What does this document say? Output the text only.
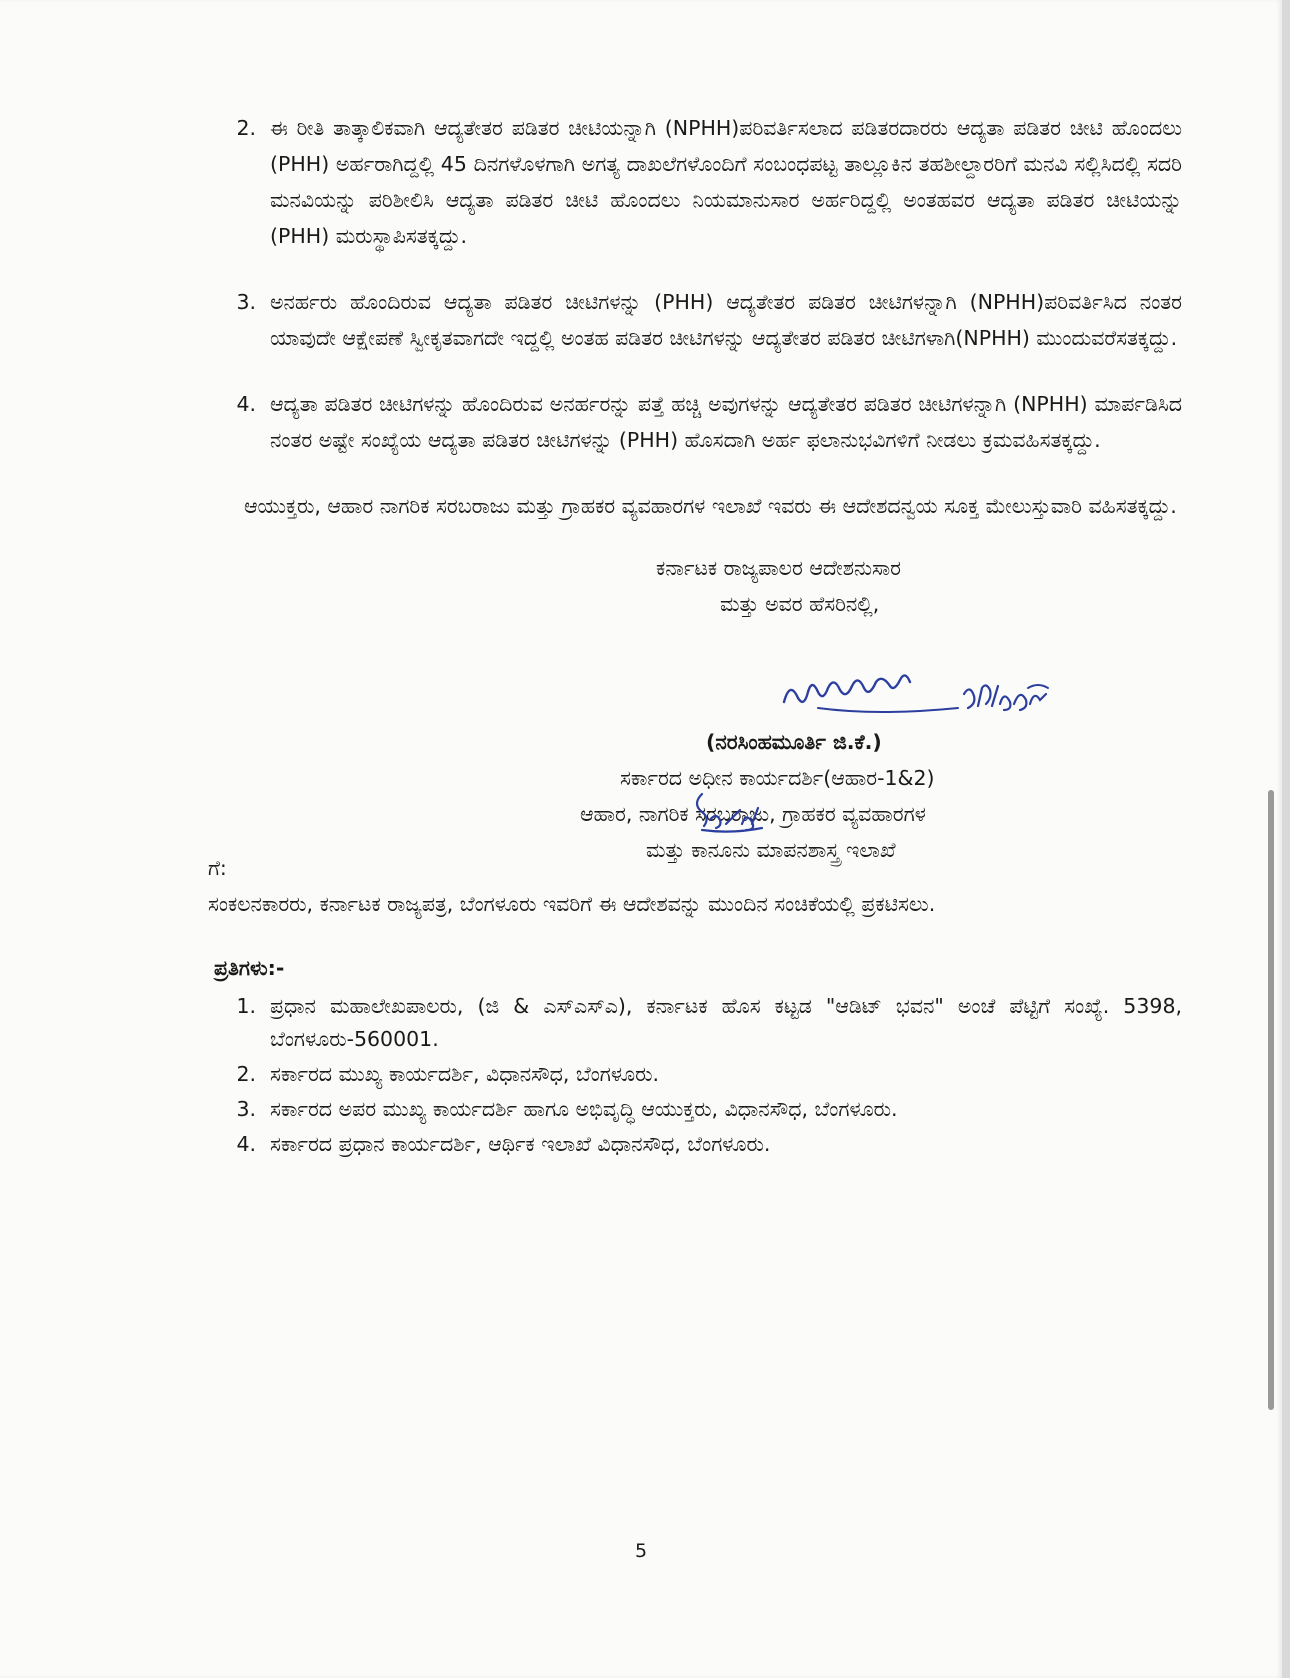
2. ಈ ರೀತಿ ತಾತ್ಕಾಲಿಕವಾಗಿ ಆದ್ಯತೇತರ ಪಡಿತರ ಚೀಟಿಯನ್ನಾಗಿ (NPHH)ಪರಿವರ್ತಿಸಲಾದ ಪಡಿತರದಾರರು ಆದ್ಯತಾ ಪಡಿತರ ಚೀಟಿ ಹೊಂದಲು (PHH) ಅರ್ಹರಾಗಿದ್ದಲ್ಲಿ 45 ದಿನಗಳೊಳಗಾಗಿ ಅಗತ್ಯ ದಾಖಲೆಗಳೊಂದಿಗೆ ಸಂಬಂಧಪಟ್ಟ ತಾಲ್ಲೂಕಿನ ತಹಶೀಲ್ದಾರರಿಗೆ ಮನವಿ ಸಲ್ಲಿಸಿದಲ್ಲಿ ಸದರಿ ಮನವಿಯನ್ನು ಪರಿಶೀಲಿಸಿ ಆದ್ಯತಾ ಪಡಿತರ ಚೀಟಿ ಹೊಂದಲು ನಿಯಮಾನುಸಾರ ಅರ್ಹರಿದ್ದಲ್ಲಿ ಅಂತಹವರ ಆದ್ಯತಾ ಪಡಿತರ ಚೀಟಿಯನ್ನು (PHH) ಮರುಸ್ಥಾಪಿಸತಕ್ಕದ್ದು.
3. ಅನರ್ಹರು ಹೊಂದಿರುವ ಆದ್ಯತಾ ಪಡಿತರ ಚೀಟಿಗಳನ್ನು (PHH) ಆದ್ಯತೇತರ ಪಡಿತರ ಚೀಟಿಗಳನ್ನಾಗಿ (NPHH)ಪರಿವರ್ತಿಸಿದ ನಂತರ ಯಾವುದೇ ಆಕ್ಷೇಪಣೆ ಸ್ವೀಕೃತವಾಗದೇ ಇದ್ದಲ್ಲಿ ಅಂತಹ ಪಡಿತರ ಚೀಟಿಗಳನ್ನು ಆದ್ಯತೇತರ ಪಡಿತರ ಚೀಟಿಗಳಾಗಿ(NPHH) ಮುಂದುವರೆಸತಕ್ಕದ್ದು.
4. ಆದ್ಯತಾ ಪಡಿತರ ಚೀಟಿಗಳನ್ನು ಹೊಂದಿರುವ ಅನರ್ಹರನ್ನು ಪತ್ತೆ ಹಚ್ಚಿ ಅವುಗಳನ್ನು ಆದ್ಯತೇತರ ಪಡಿತರ ಚೀಟಿಗಳನ್ನಾಗಿ (NPHH) ಮಾರ್ಪಡಿಸಿದ ನಂತರ ಅಷ್ಟೇ ಸಂಖ್ಯೆಯ ಆದ್ಯತಾ ಪಡಿತರ ಚೀಟಿಗಳನ್ನು (PHH) ಹೊಸದಾಗಿ ಅರ್ಹ ಫಲಾನುಭವಿಗಳಿಗೆ ನೀಡಲು ಕ್ರಮವಹಿಸತಕ್ಕದ್ದು.
ಆಯುಕ್ತರು, ಆಹಾರ ನಾಗರಿಕ ಸರಬರಾಜು ಮತ್ತು ಗ್ರಾಹಕರ ವ್ಯವಹಾರಗಳ ಇಲಾಖೆ ಇವರು ಈ ಆದೇಶದನ್ವಯ ಸೂಕ್ತ ಮೇಲುಸ್ತುವಾರಿ ವಹಿಸತಕ್ಕದ್ದು.
ಕರ್ನಾಟಕ ರಾಜ್ಯಪಾಲರ ಆದೇಶನುಸಾರ
ಮತ್ತು ಅವರ ಹೆಸರಿನಲ್ಲಿ,
(ನರಸಿಂಹಮೂರ್ತಿ ಜಿ.ಕೆ.)
ಸರ್ಕಾರದ ಅಧೀನ ಕಾರ್ಯದರ್ಶಿ(ಆಹಾರ-1&2)
ಆಹಾರ, ನಾಗರಿಕ ಸರಬರಾಜು, ಗ್ರಾಹಕರ ವ್ಯವಹಾರಗಳ
ಮತ್ತು ಕಾನೂನು ಮಾಪನಶಾಸ್ತ್ರ ಇಲಾಖೆ
ಗೆ:
ಸಂಕಲನಕಾರರು, ಕರ್ನಾಟಕ ರಾಜ್ಯಪತ್ರ, ಬೆಂಗಳೂರು ಇವರಿಗೆ ಈ ಆದೇಶವನ್ನು ಮುಂದಿನ ಸಂಚಿಕೆಯಲ್ಲಿ ಪ್ರಕಟಿಸಲು.
ಪ್ರತಿಗಳು:-
1. ಪ್ರಧಾನ ಮಹಾಲೇಖಪಾಲರು, (ಜಿ & ಎಸ್ಎಸ್ಎ), ಕರ್ನಾಟಕ ಹೊಸ ಕಟ್ಟಡ "ಆಡಿಟ್ ಭವನ" ಅಂಚೆ ಪೆಟ್ಟಿಗೆ ಸಂಖ್ಯೆ. 5398, ಬೆಂಗಳೂರು-560001.
2. ಸರ್ಕಾರದ ಮುಖ್ಯ ಕಾರ್ಯದರ್ಶಿ, ವಿಧಾನಸೌಧ, ಬೆಂಗಳೂರು.
3. ಸರ್ಕಾರದ ಅಪರ ಮುಖ್ಯ ಕಾರ್ಯದರ್ಶಿ ಹಾಗೂ ಅಭಿವೃದ್ಧಿ ಆಯುಕ್ತರು, ವಿಧಾನಸೌಧ, ಬೆಂಗಳೂರು.
4. ಸರ್ಕಾರದ ಪ್ರಧಾನ ಕಾರ್ಯದರ್ಶಿ, ಆರ್ಥಿಕ ಇಲಾಖೆ ವಿಧಾನಸೌಧ, ಬೆಂಗಳೂರು.
5
